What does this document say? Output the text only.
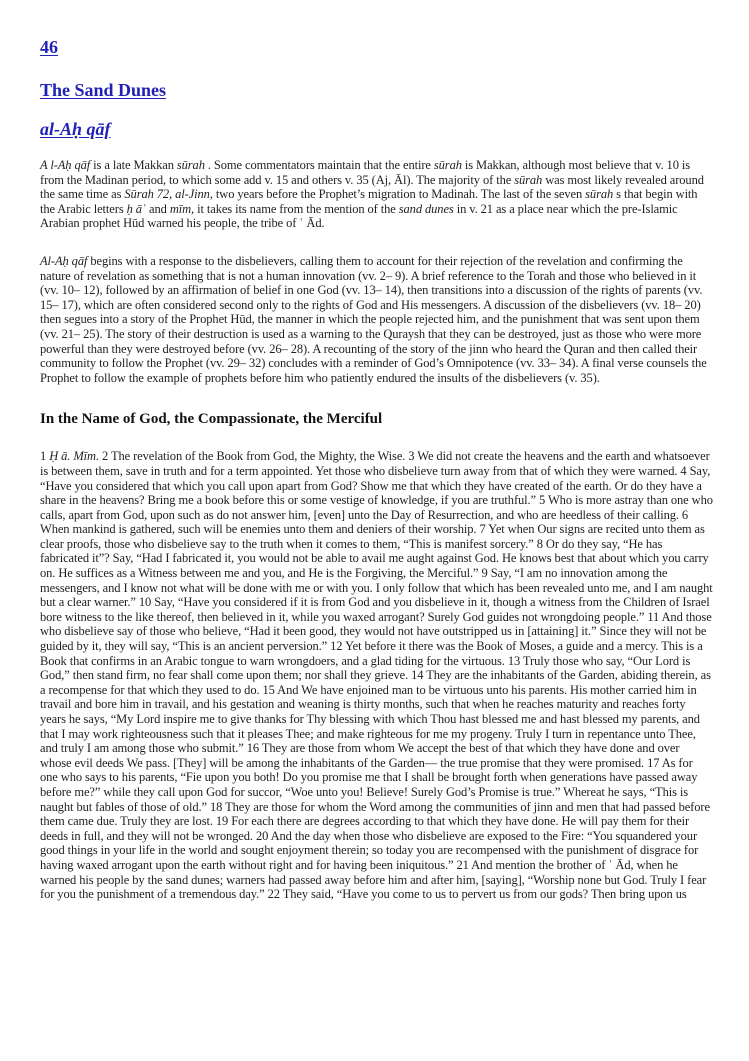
46
The Sand Dunes
al-Aḥ qāf

A l-Aḥ qāf is a late Makkan sūrah . Some commentators maintain that the entire sūrah is Makkan, although most believe that v. 10 is from the Madinan period, to which some add v. 15 and others v. 35 (Aj, Āl). The majority of the sūrah was most likely revealed around the same time as Sūrah 72, al-Jinn, two years before the Prophet’s migration to Madinah. The last of the seven sūrah s that begin with the Arabic letters ḥ āʾ and mīm, it takes its name from the mention of the sand dunes in v. 21 as a place near which the pre-Islamic Arabian prophet Hūd warned his people, the tribe of ʿ Ād.

Al-Aḥ qāf begins with a response to the disbelievers, calling them to account for their rejection of the revelation and confirming the nature of revelation as something that is not a human innovation (vv. 2– 9). A brief reference to the Torah and those who believed in it (vv. 10– 12), followed by an affirmation of belief in one God (vv. 13– 14), then transitions into a discussion of the rights of parents (vv. 15– 17), which are often considered second only to the rights of God and His messengers. A discussion of the disbelievers (vv. 18– 20) then segues into a story of the Prophet Hūd, the manner in which the people rejected him, and the punishment that was sent upon them (vv. 21– 25). The story of their destruction is used as a warning to the Quraysh that they can be destroyed, just as those who were more powerful than they were destroyed before (vv. 26– 28). A recounting of the story of the jinn who heard the Quran and then called their community to follow the Prophet (vv. 29– 32) concludes with a reminder of God’s Omnipotence (vv. 33– 34). A final verse counsels the Prophet to follow the example of prophets before him who patiently endured the insults of the disbelievers (v. 35).

In the Name of God, the Compassionate, the Merciful

1 Ḥ ā. Mīm. 2 The revelation of the Book from God, the Mighty, the Wise. 3 We did not create the heavens and the earth and whatsoever is between them, save in truth and for a term appointed. Yet those who disbelieve turn away from that of which they were warned. 4 Say, “Have you considered that which you call upon apart from God? Show me that which they have created of the earth. Or do they have a share in the heavens? Bring me a book before this or some vestige of knowledge, if you are truthful.” 5 Who is more astray than one who calls, apart from God, upon such as do not answer him, [even] unto the Day of Resurrection, and who are heedless of their calling. 6 When mankind is gathered, such will be enemies unto them and deniers of their worship. 7 Yet when Our signs are recited unto them as clear proofs, those who disbelieve say to the truth when it comes to them, “This is manifest sorcery.” 8 Or do they say, “He has fabricated it”? Say, “Had I fabricated it, you would not be able to avail me aught against God. He knows best that about which you carry on. He suffices as a Witness between me and you, and He is the Forgiving, the Merciful.” 9 Say, “I am no innovation among the messengers, and I know not what will be done with me or with you. I only follow that which has been revealed unto me, and I am naught but a clear warner.” 10 Say, “Have you considered if it is from God and you disbelieve in it, though a witness from the Children of Israel bore witness to the like thereof, then believed in it, while you waxed arrogant? Surely God guides not wrongdoing people.” 11 And those who disbelieve say of those who believe, “Had it been good, they would not have outstripped us in [attaining] it.” Since they will not be guided by it, they will say, “This is an ancient perversion.” 12 Yet before it there was the Book of Moses, a guide and a mercy. This is a Book that confirms in an Arabic tongue to warn wrongdoers, and a glad tiding for the virtuous. 13 Truly those who say, “Our Lord is God,” then stand firm, no fear shall come upon them; nor shall they grieve. 14 They are the inhabitants of the Garden, abiding therein, as a recompense for that which they used to do. 15 And We have enjoined man to be virtuous unto his parents. His mother carried him in travail and bore him in travail, and his gestation and weaning is thirty months, such that when he reaches maturity and reaches forty years he says, “My Lord inspire me to give thanks for Thy blessing with which Thou hast blessed me and hast blessed my parents, and that I may work righteousness such that it pleases Thee; and make righteous for me my progeny. Truly I turn in repentance unto Thee, and truly I am among those who submit.” 16 They are those from whom We accept the best of that which they have done and over whose evil deeds We pass. [They] will be among the inhabitants of the Garden— the true promise that they were promised. 17 As for one who says to his parents, “Fie upon you both! Do you promise me that I shall be brought forth when generations have passed away before me?” while they call upon God for succor, “Woe unto you! Believe! Surely God’s Promise is true.” Whereat he says, “This is naught but fables of those of old.” 18 They are those for whom the Word among the communities of jinn and men that had passed before them came due. Truly they are lost. 19 For each there are degrees according to that which they have done. He will pay them for their deeds in full, and they will not be wronged. 20 And the day when those who disbelieve are exposed to the Fire: “You squandered your good things in your life in the world and sought enjoyment therein; so today you are recompensed with the punishment of disgrace for having waxed arrogant upon the earth without right and for having been iniquitous.” 21 And mention the brother of ʿ Ād, when he warned his people by the sand dunes; warners had passed away before him and after him, [saying], “Worship none but God. Truly I fear for you the punishment of a tremendous day.” 22 They said, “Have you come to us to pervert us from our gods? Then bring upon us
